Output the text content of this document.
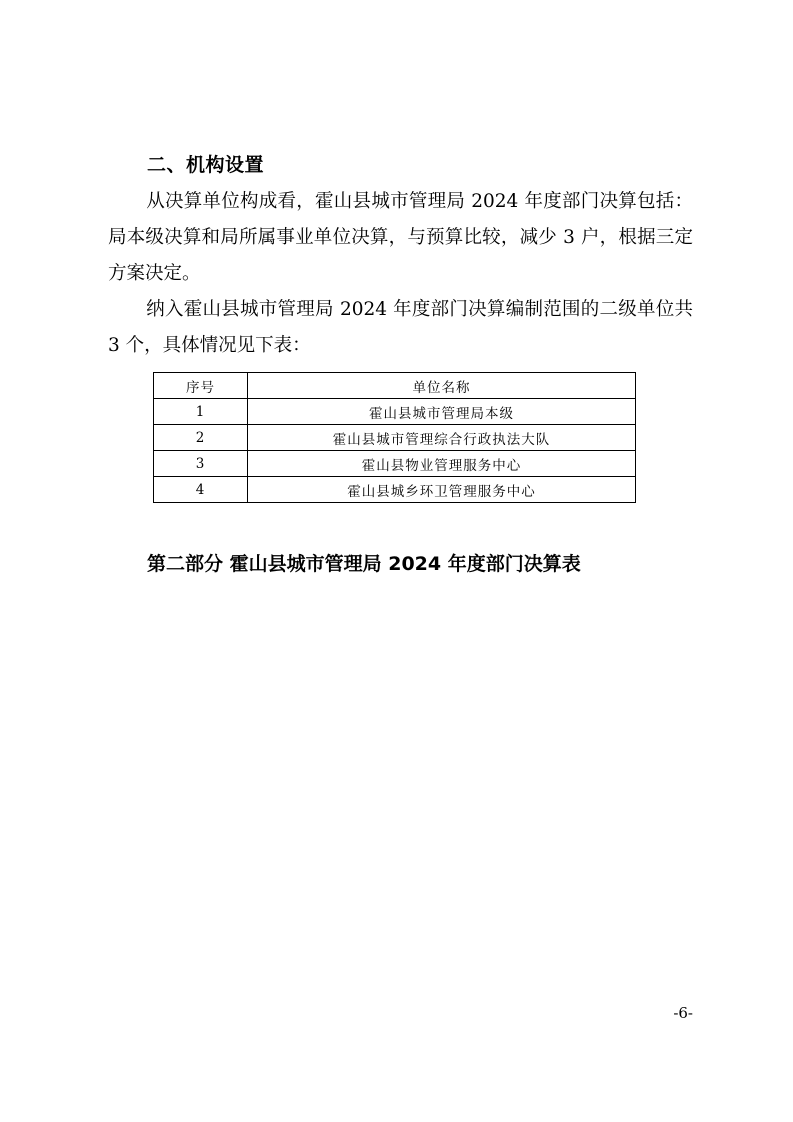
二、机构设置

从决算单位构成看，霍山县城市管理局 2024 年度部门决算包括：局本级决算和局所属事业单位决算，与预算比较，减少 3 户，根据三定方案决定。

纳入霍山县城市管理局 2024 年度部门决算编制范围的二级单位共 3 个，具体情况见下表：

序号	单位名称
1	霍山县城市管理局本级
2	霍山县城市管理综合行政执法大队
3	霍山县物业管理服务中心
4	霍山县城乡环卫管理服务中心
第二部分 霍山县城市管理局 2024 年度部门决算表
-6-
